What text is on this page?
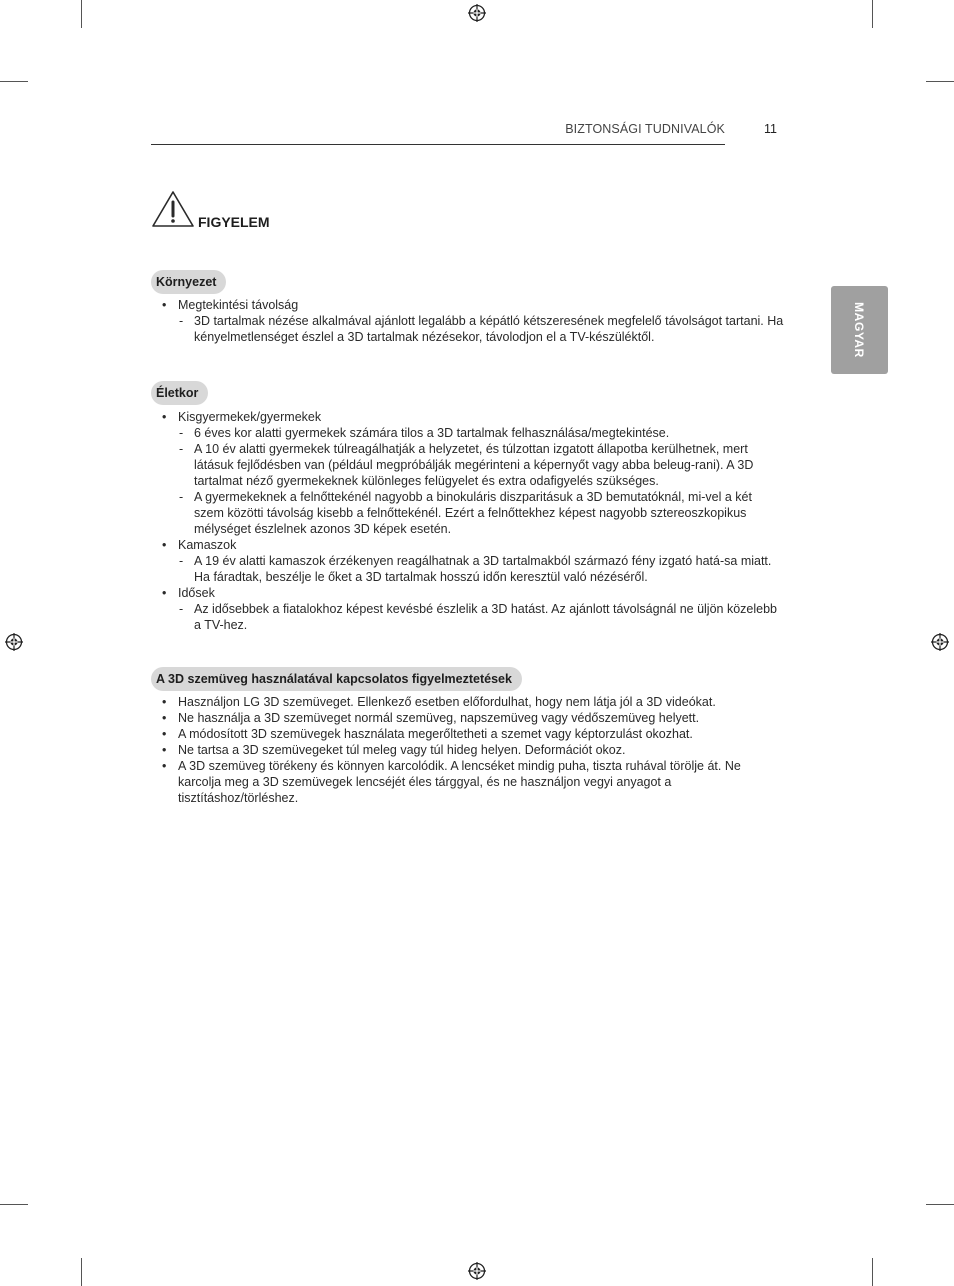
BIZTONSÁGI TUDNIVALÓK	11
MAGYAR
FIGYELEM
Környezet
• Megtekintési távolság
- 3D tartalmak nézése alkalmával ajánlott legalább a képátló kétszeresének megfelelő távolságot tartani. Ha kényelmetlenséget észlel a 3D tartalmak nézésekor, távolodjon el a TV-készüléktől.
Életkor
• Kisgyermekek/gyermekek
- 6 éves kor alatti gyermekek számára tilos a 3D tartalmak felhasználása/megtekintése.
- A 10 év alatti gyermekek túlreagálhatják a helyzetet, és túlzottan izgatott állapotba kerülhetnek, mert látásuk fejlődésben van (például megpróbálják megérinteni a képernyőt vagy abba beleug-rani). A 3D tartalmat néző gyermekeknek különleges felügyelet és extra odafigyelés szükséges.
- A gyermekeknek a felnőttekénél nagyobb a binokuláris diszparitásuk a 3D bemutatóknál, mi-vel a két szem közötti távolság kisebb a felnőttekénél. Ezért a felnőttekhez képest nagyobb sztereoszkopikus mélységet észlelnek azonos 3D képek esetén.
• Kamaszok
- A 19 év alatti kamaszok érzékenyen reagálhatnak a 3D tartalmakból származó fény izgató hatá-sa miatt. Ha fáradtak, beszélje le őket a 3D tartalmak hosszú időn keresztül való nézéséről.
• Idősek
- Az idősebbek a fiatalokhoz képest kevésbé észlelik a 3D hatást. Az ajánlott távolságnál ne üljön közelebb a TV-hez.
A 3D szemüveg használatával kapcsolatos figyelmeztetések
• Használjon LG 3D szemüveget. Ellenkező esetben előfordulhat, hogy nem látja jól a 3D videókat.
• Ne használja a 3D szemüveget normál szemüveg, napszemüveg vagy védőszemüveg helyett.
• A módosított 3D szemüvegek használata megerőltetheti a szemet vagy képtorzulást okozhat.
• Ne tartsa a 3D szemüvegeket túl meleg vagy túl hideg helyen. Deformációt okoz.
• A 3D szemüveg törékeny és könnyen karcolódik. A lencséket mindig puha, tiszta ruhával törölje át. Ne karcolja meg a 3D szemüvegek lencséjét éles tárggyal, és ne használjon vegyi anyagot a tisztításhoz/törléshez.
